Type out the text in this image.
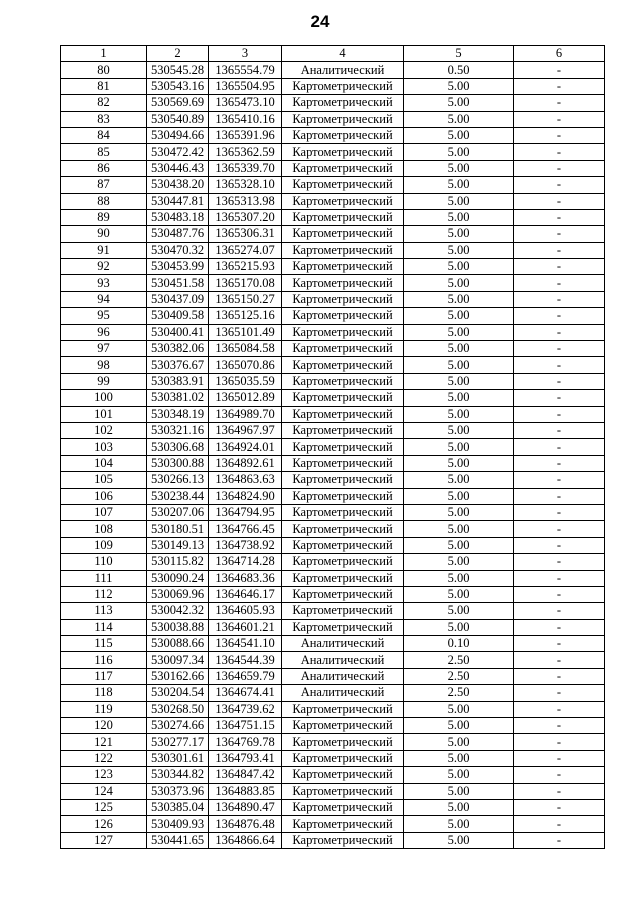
24
1	2	3	4	5	6
80	530545.28	1365554.79	Аналитический	0.50	-
81	530543.16	1365504.95	Картометрический	5.00	-
82	530569.69	1365473.10	Картометрический	5.00	-
83	530540.89	1365410.16	Картометрический	5.00	-
84	530494.66	1365391.96	Картометрический	5.00	-
85	530472.42	1365362.59	Картометрический	5.00	-
86	530446.43	1365339.70	Картометрический	5.00	-
87	530438.20	1365328.10	Картометрический	5.00	-
88	530447.81	1365313.98	Картометрический	5.00	-
89	530483.18	1365307.20	Картометрический	5.00	-
90	530487.76	1365306.31	Картометрический	5.00	-
91	530470.32	1365274.07	Картометрический	5.00	-
92	530453.99	1365215.93	Картометрический	5.00	-
93	530451.58	1365170.08	Картометрический	5.00	-
94	530437.09	1365150.27	Картометрический	5.00	-
95	530409.58	1365125.16	Картометрический	5.00	-
96	530400.41	1365101.49	Картометрический	5.00	-
97	530382.06	1365084.58	Картометрический	5.00	-
98	530376.67	1365070.86	Картометрический	5.00	-
99	530383.91	1365035.59	Картометрический	5.00	-
100	530381.02	1365012.89	Картометрический	5.00	-
101	530348.19	1364989.70	Картометрический	5.00	-
102	530321.16	1364967.97	Картометрический	5.00	-
103	530306.68	1364924.01	Картометрический	5.00	-
104	530300.88	1364892.61	Картометрический	5.00	-
105	530266.13	1364863.63	Картометрический	5.00	-
106	530238.44	1364824.90	Картометрический	5.00	-
107	530207.06	1364794.95	Картометрический	5.00	-
108	530180.51	1364766.45	Картометрический	5.00	-
109	530149.13	1364738.92	Картометрический	5.00	-
110	530115.82	1364714.28	Картометрический	5.00	-
111	530090.24	1364683.36	Картометрический	5.00	-
112	530069.96	1364646.17	Картометрический	5.00	-
113	530042.32	1364605.93	Картометрический	5.00	-
114	530038.88	1364601.21	Картометрический	5.00	-
115	530088.66	1364541.10	Аналитический	0.10	-
116	530097.34	1364544.39	Аналитический	2.50	-
117	530162.66	1364659.79	Аналитический	2.50	-
118	530204.54	1364674.41	Аналитический	2.50	-
119	530268.50	1364739.62	Картометрический	5.00	-
120	530274.66	1364751.15	Картометрический	5.00	-
121	530277.17	1364769.78	Картометрический	5.00	-
122	530301.61	1364793.41	Картометрический	5.00	-
123	530344.82	1364847.42	Картометрический	5.00	-
124	530373.96	1364883.85	Картометрический	5.00	-
125	530385.04	1364890.47	Картометрический	5.00	-
126	530409.93	1364876.48	Картометрический	5.00	-
127	530441.65	1364866.64	Картометрический	5.00	-
